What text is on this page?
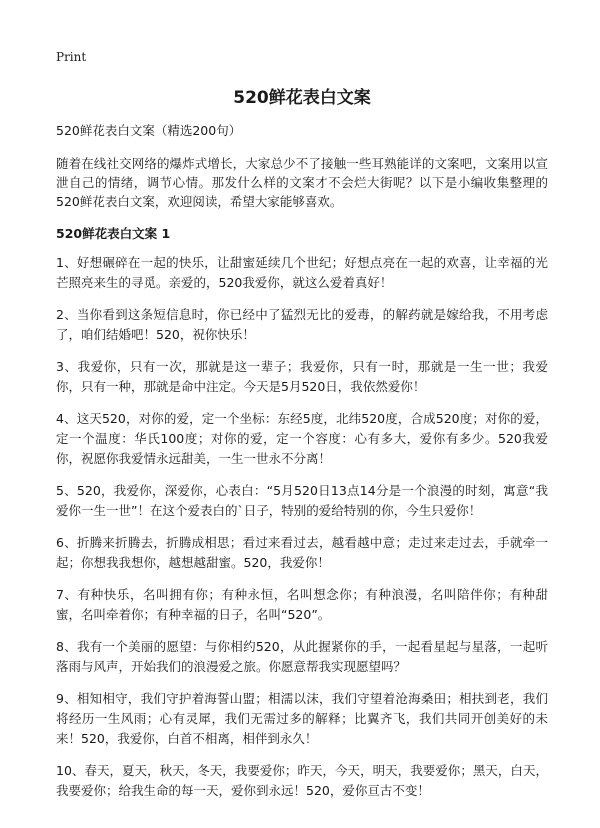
Print
520鲜花表白文案
520鲜花表白文案（精选200句）
随着在线社交网络的爆炸式增长，大家总少不了接触一些耳熟能详的文案吧，文案用以宣泄自己的情绪，调节心情。那发什么样的文案才不会烂大街呢？以下是小编收集整理的520鲜花表白文案，欢迎阅读，希望大家能够喜欢。
520鲜花表白文案 1

1、好想碾碎在一起的快乐，让甜蜜延续几个世纪；好想点亮在一起的欢喜，让幸福的光芒照亮来生的寻觅。亲爱的，520我爱你，就这么爱着真好！

2、当你看到这条短信息时，你已经中了猛烈无比的爱毒，的解药就是嫁给我，不用考虑了，咱们结婚吧！520，祝你快乐！

3、我爱你，只有一次，那就是这一辈子；我爱你，只有一时，那就是一生一世；我爱你，只有一种，那就是命中注定。今天是5月520日，我依然爱你！

4、这天520，对你的爱，定一个坐标：东经5度，北纬520度，合成520度；对你的爱，定一个温度：华氏100度；对你的爱，定一个容度：心有多大，爱你有多少。520我爱你，祝愿你我爱情永远甜美，一生一世永不分离！

5、520，我爱你，深爱你，心表白：“5月520日13点14分是一个浪漫的时刻，寓意“我爱你一生一世”！在这个爱表白的`日子，特别的爱给特别的你，今生只爱你！

6、折腾来折腾去，折腾成相思；看过来看过去，越看越中意；走过来走过去，手就牵一起；你想我我想你，越想越甜蜜。520，我爱你！

7、有种快乐，名叫拥有你；有种永恒，名叫想念你；有种浪漫，名叫陪伴你；有种甜蜜，名叫牵着你；有种幸福的日子，名叫“520”。

8、我有一个美丽的愿望：与你相约520，从此握紧你的手，一起看星起与星落，一起听落雨与风声，开始我们的浪漫爱之旅。你愿意帮我实现愿望吗？

9、相知相守，我们守护着海誓山盟；相濡以沫，我们守望着沧海桑田；相扶到老，我们将经历一生风雨；心有灵犀，我们无需过多的解释；比翼齐飞，我们共同开创美好的未来！520，我爱你，白首不相离，相伴到永久！

10、春天，夏天，秋天，冬天，我要爱你；昨天，今天，明天，我要爱你；黑天，白天，我要爱你；给我生命的每一天，爱你到永远！520，爱你亘古不变！
